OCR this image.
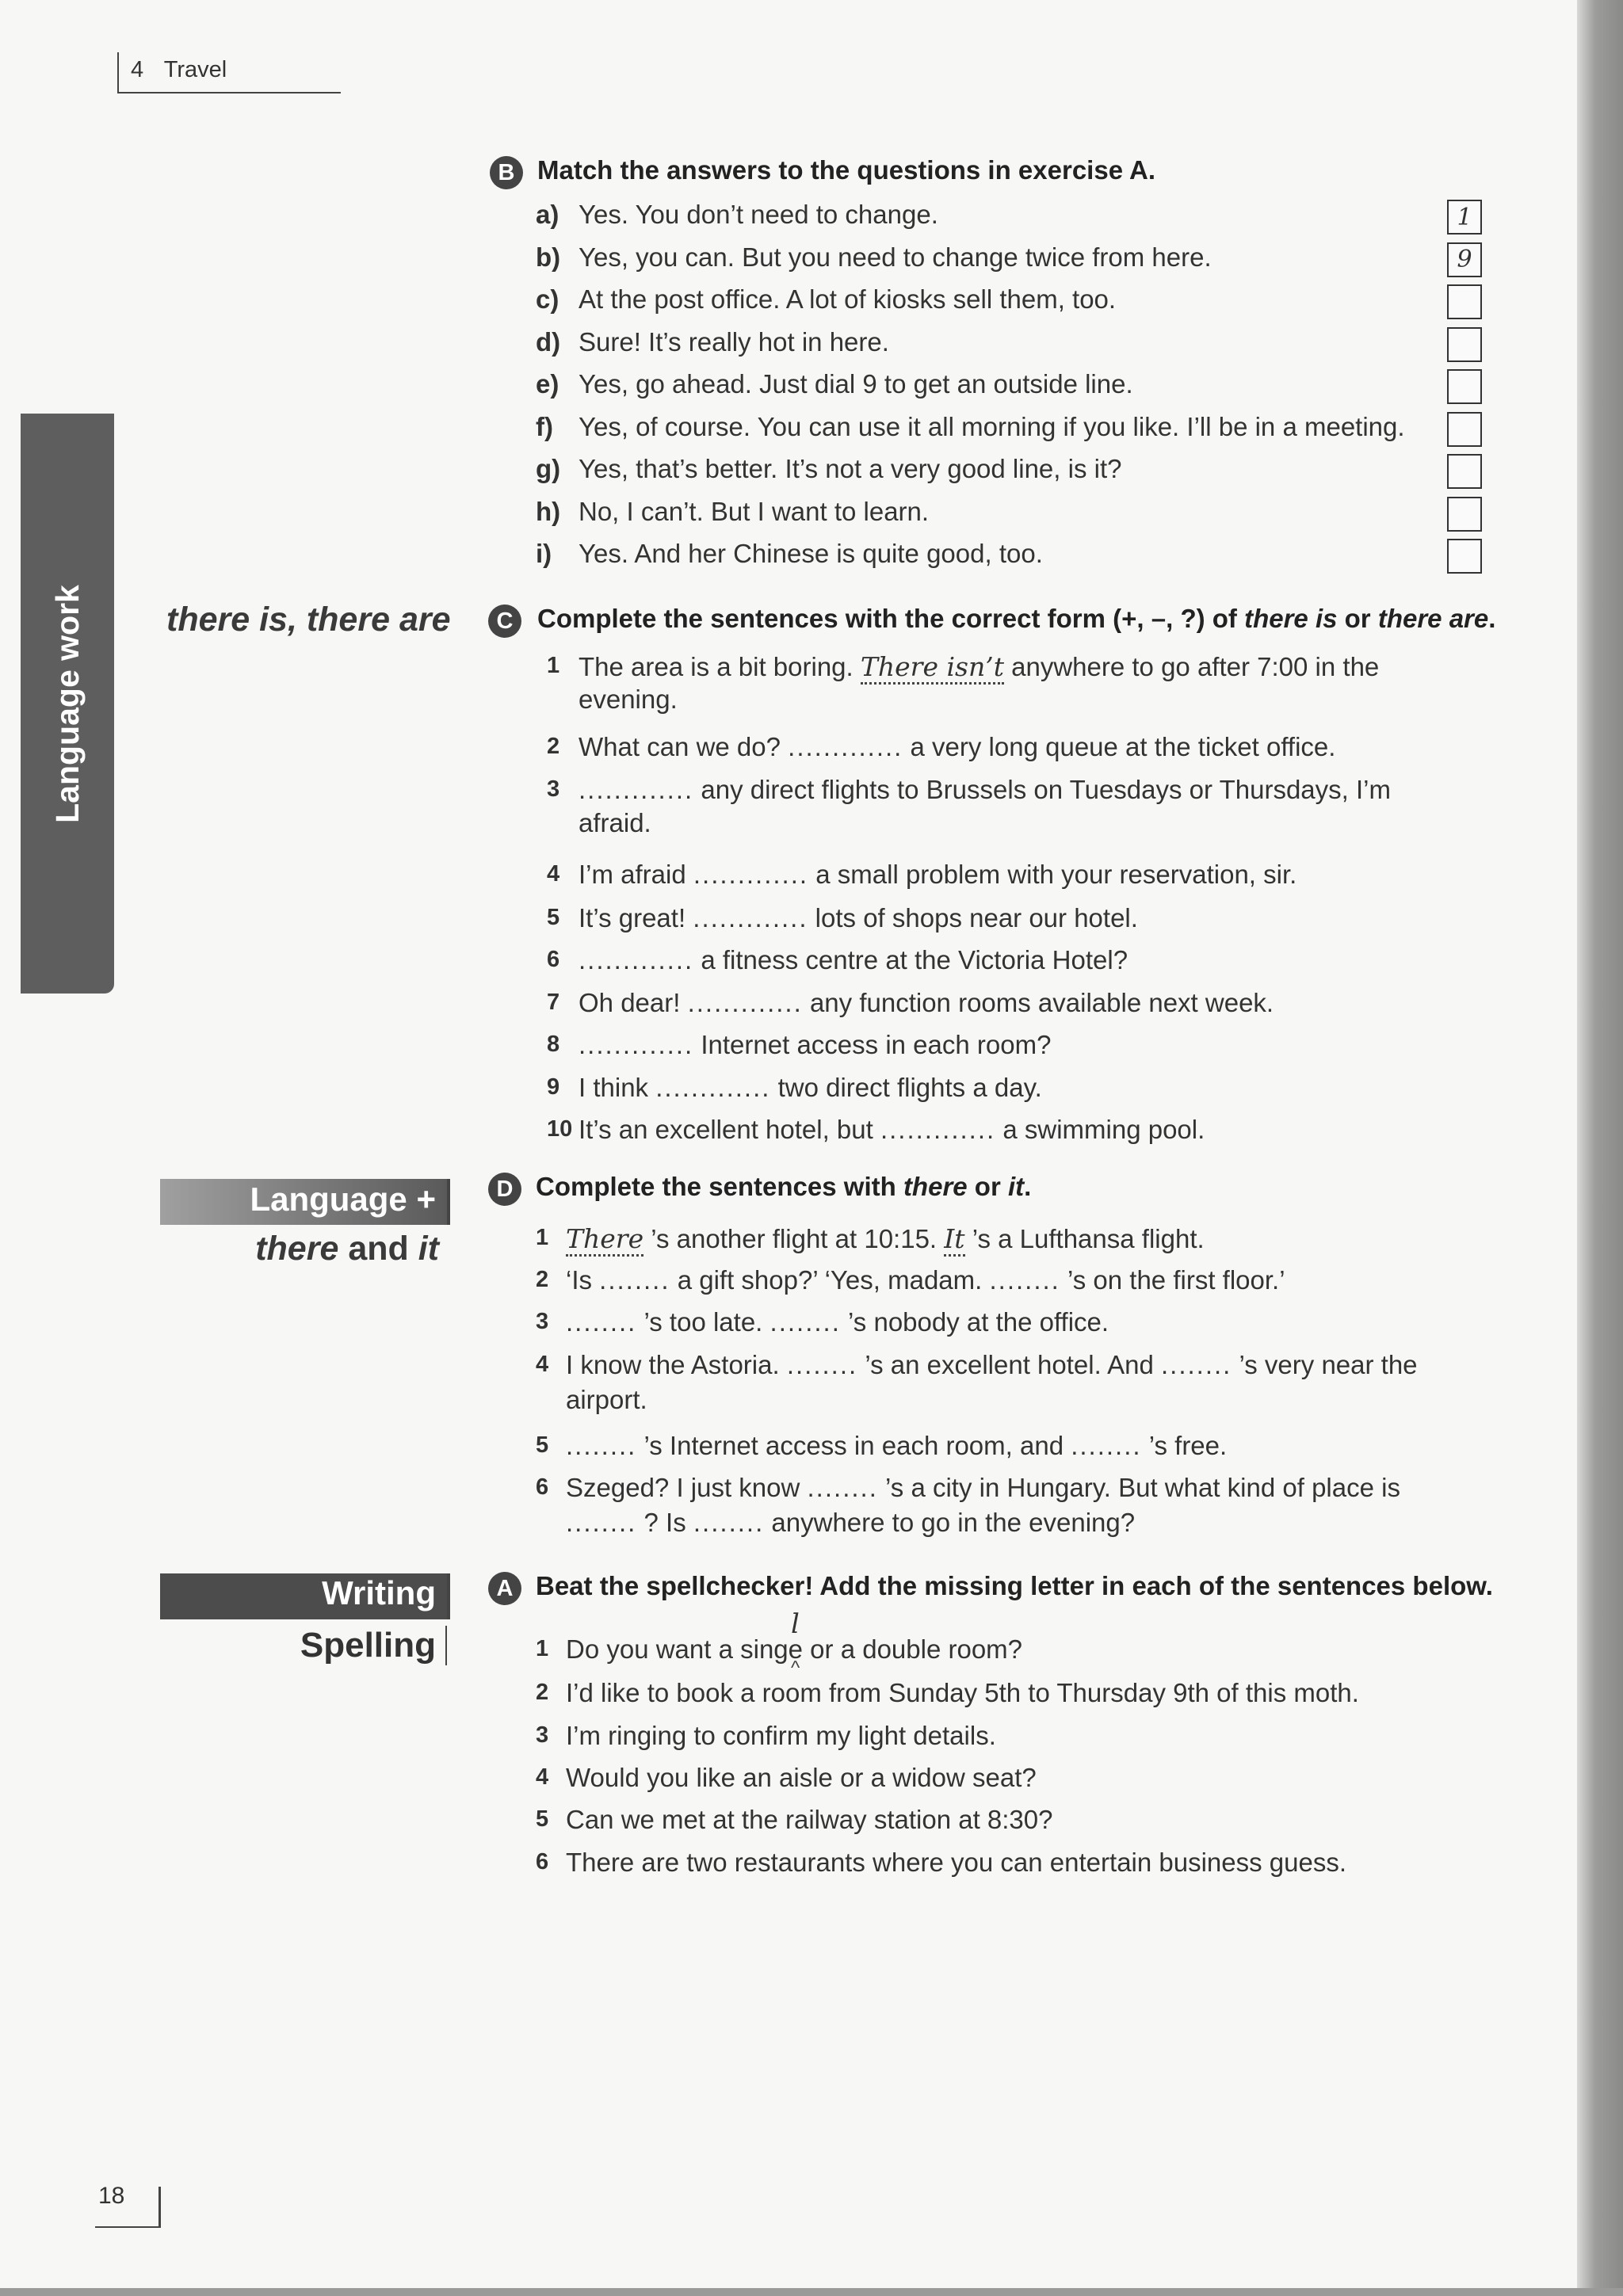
4 Travel
Language work
B Match the answers to the questions in exercise A.
there is, there are	C Complete the sentences with the correct form (+, –, ?) of there is or there are.
Language +
there and it
D Complete the sentences with there or it.
Writing
Spelling
A Beat the spellchecker! Add the missing letter in each of the sentences below.
l
^
18
a) Yes. You don’t need to change.	1
b) Yes, you can. But you need to change twice from here.	9
c) At the post office. A lot of kiosks sell them, too.
d) Sure! It’s really hot in here.
e) Yes, go ahead. Just dial 9 to get an outside line.
f) Yes, of course. You can use it all morning if you like. I’ll be in a meeting.
g) Yes, that’s better. It’s not a very good line, is it?
h) No, I can’t. But I want to learn.
i) Yes. And her Chinese is quite good, too.
1 The area is a bit boring. There isn’t anywhere to go after 7:00 in the
evening.
2 What can we do? ............. a very long queue at the ticket office.
3 ............. any direct flights to Brussels on Tuesdays or Thursdays, I’m
afraid.
4 I’m afraid ............. a small problem with your reservation, sir.
5 It’s great! ............. lots of shops near our hotel.
6 ............. a fitness centre at the Victoria Hotel?
7 Oh dear! ............. any function rooms available next week.
8 ............. Internet access in each room?
9 I think ............. two direct flights a day.
10 It’s an excellent hotel, but ............. a swimming pool.
1 There ’s another flight at 10:15. It ’s a Lufthansa flight.
2 ‘Is ........ a gift shop?’ ‘Yes, madam. ........ ’s on the first floor.’
3 ........ ’s too late. ........ ’s nobody at the office.
4 I know the Astoria. ........ ’s an excellent hotel. And ........ ’s very near the
airport.
5 ........ ’s Internet access in each room, and ........ ’s free.
6 Szeged? I just know ........ ’s a city in Hungary. But what kind of place is
........ ? Is ........ anywhere to go in the evening?
1 Do you want a singe or a double room?
2 I’d like to book a room from Sunday 5th to Thursday 9th of this moth.
3 I’m ringing to confirm my light details.
4 Would you like an aisle or a widow seat?
5 Can we met at the railway station at 8:30?
6 There are two restaurants where you can entertain business guess.
